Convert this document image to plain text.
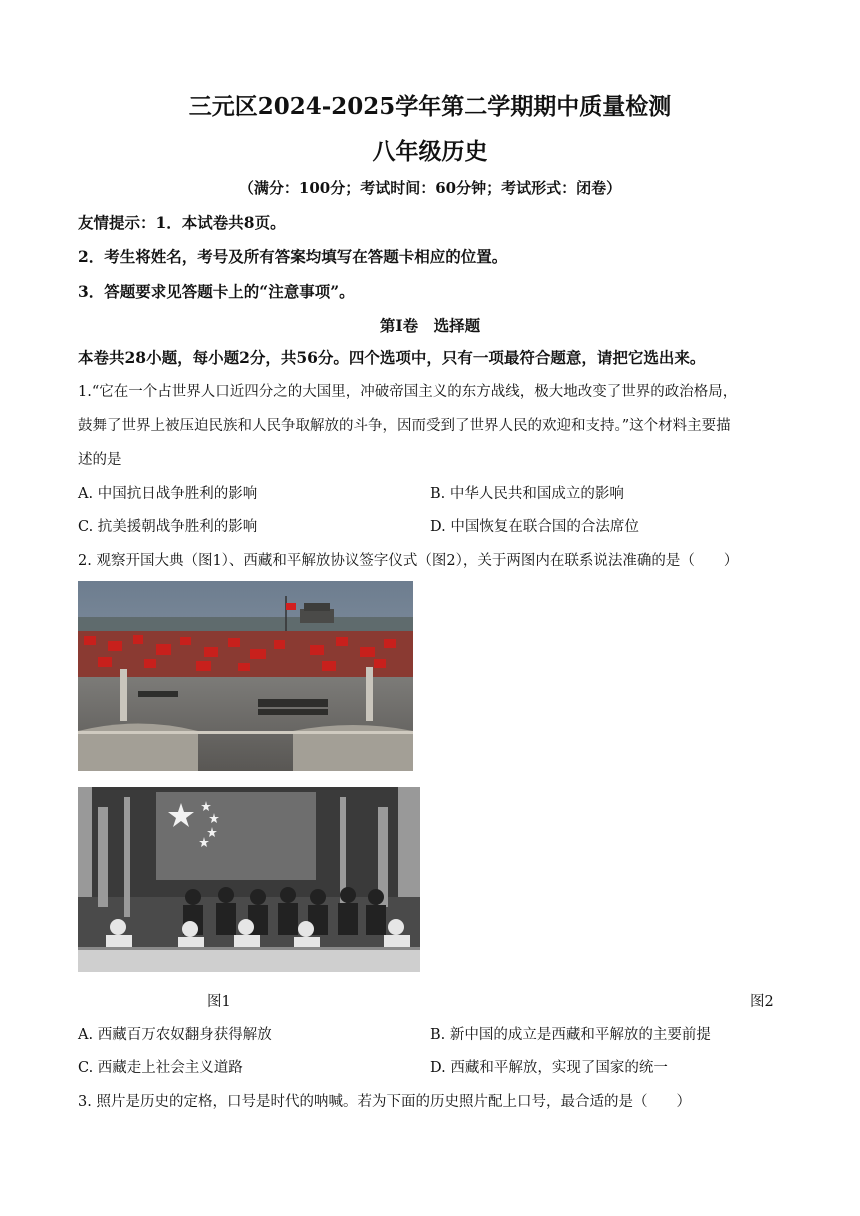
三元区2024-2025学年第二学期期中质量检测
八年级历史
（满分：100分；考试时间：60分钟；考试形式：闭卷）
友情提示：1．本试卷共8页。
2．考生将姓名，考号及所有答案均填写在答题卡相应的位置。
3．答题要求见答题卡上的“注意事项”。
第Ⅰ卷　选择题
本卷共28小题，每小题2分，共56分。四个选项中，只有一项最符合题意，请把它选出来。
1.“它在一个占世界人口近四分之的大国里，冲破帝国主义的东方战线，极大地改变了世界的政治格局，
鼓舞了世界上被压迫民族和人民争取解放的斗争，因而受到了世界人民的欢迎和支持。”这个材料主要描
述的是
A. 中国抗日战争胜利的影响	B. 中华人民共和国成立的影响
C. 抗美援朝战争胜利的影响	D. 中国恢复在联合国的合法席位
2. 观察开国大典（图1）、西藏和平解放协议签字仪式（图2），关于两图内在联系说法准确的是（　　）
图1	图2
A. 西藏百万农奴翻身获得解放	B. 新中国的成立是西藏和平解放的主要前提
C. 西藏走上社会主义道路	D. 西藏和平解放，实现了国家的统一
3. 照片是历史的定格，口号是时代的呐喊。若为下面的历史照片配上口号，最合适的是（　　）
